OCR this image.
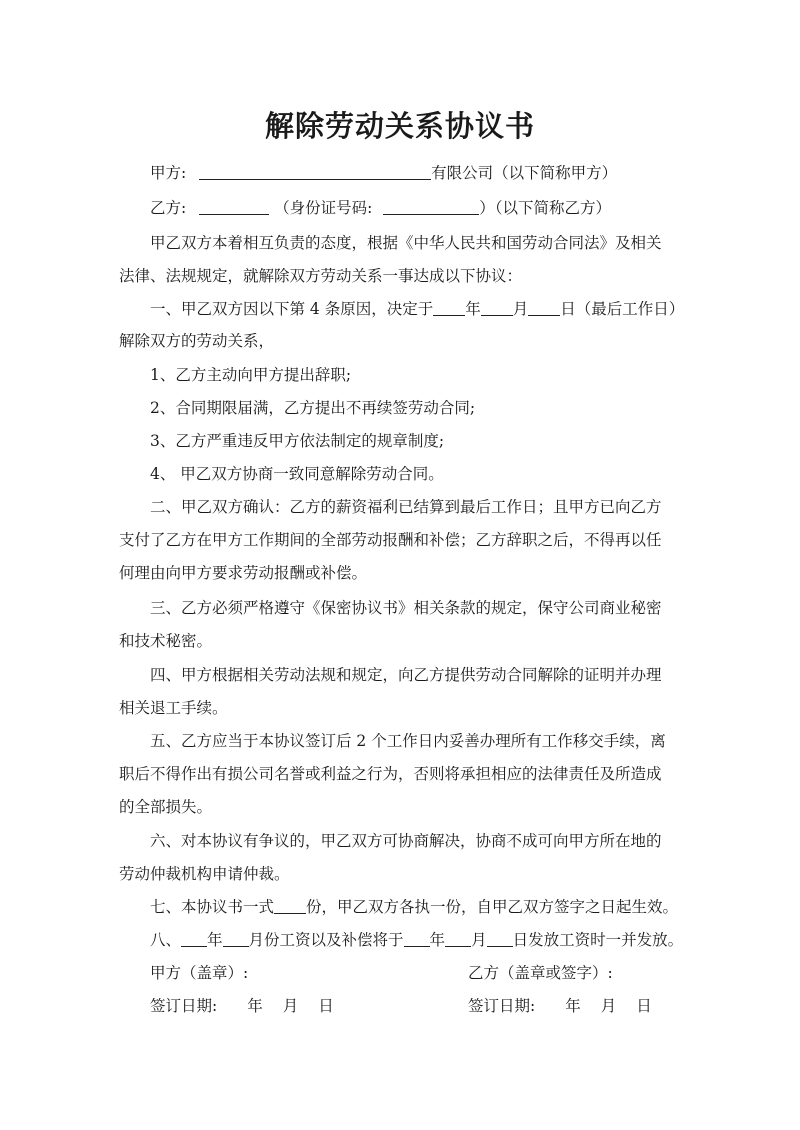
解除劳动关系协议书
甲方:	有限公司（以下简称甲方）
乙方:	（身份证号码:	）（以下简称乙方）
甲乙双方本着相互负责的态度，根据《中华人民共和国劳动合同法》及相关
法律、法规规定，就解除双方劳动关系一事达成以下协议：
一、甲乙双方因以下第 4 条原因，决定于 年 月 日（最后工作日）
解除双方的劳动关系，
1、乙方主动向甲方提出辞职;
2、合同期限届满，乙方提出不再续签劳动合同;
3、乙方严重违反甲方依法制定的规章制度;
4、 甲乙双方协商一致同意解除劳动合同。
二、甲乙双方确认：乙方的薪资福利已结算到最后工作日；且甲方已向乙方
支付了乙方在甲方工作期间的全部劳动报酬和补偿；乙方辞职之后，不得再以任
何理由向甲方要求劳动报酬或补偿。
三、乙方必须严格遵守《保密协议书》相关条款的规定，保守公司商业秘密
和技术秘密。
四、甲方根据相关劳动法规和规定，向乙方提供劳动合同解除的证明并办理
相关退工手续。
五、乙方应当于本协议签订后 2 个工作日内妥善办理所有工作移交手续，离
职后不得作出有损公司名誉或利益之行为，否则将承担相应的法律责任及所造成
的全部损失。
六、对本协议有争议的，甲乙双方可协商解决，协商不成可向甲方所在地的
劳动仲裁机构申请仲裁。
七、本协议书一式 份，甲乙双方各执一份，自甲乙双方签字之日起生效。
八、 年 月份工资以及补偿将于 年 月 日发放工资时一并发放。
甲方（盖章）:	乙方（盖章或签字）:
签订日期: 年 月 日	签订日期: 年 月 日
